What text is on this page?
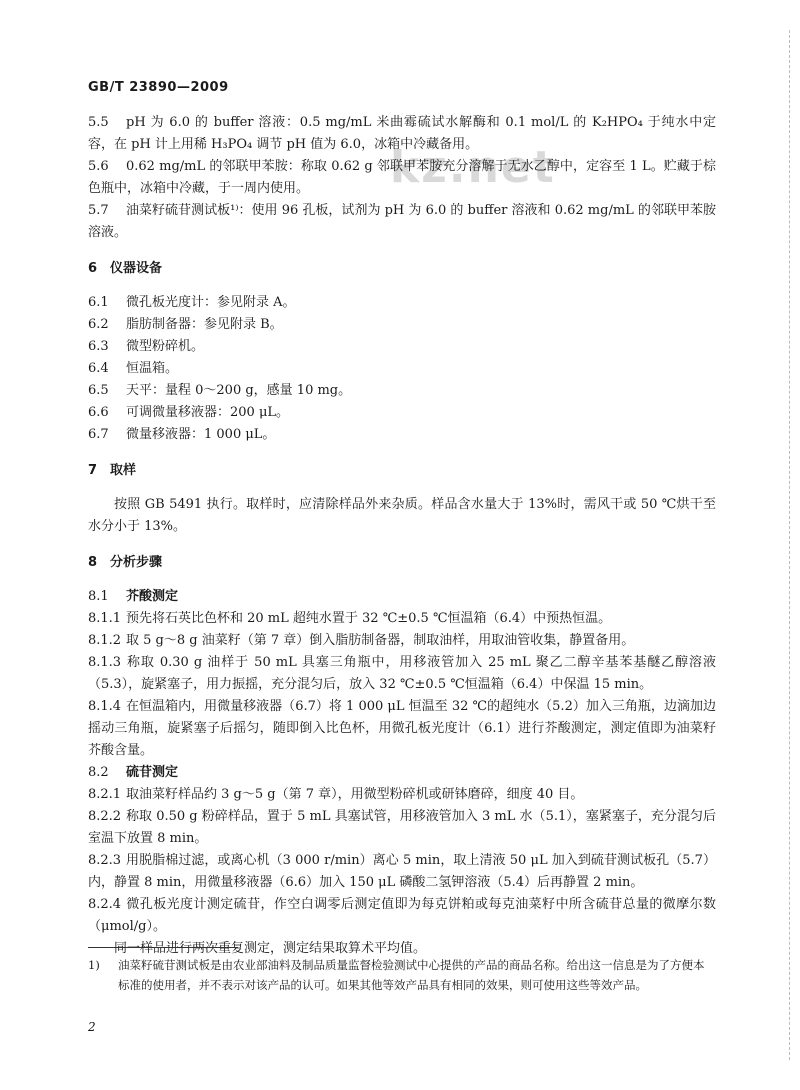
GB/T 23890—2009
kz.net

5.5 pH 为 6.0 的 buffer 溶液：0.5 mg/mL 米曲霉硫试水解酶和 0.1 mol/L 的 K₂HPO₄ 于纯水中定容，在 pH 计上用稀 H₃PO₄ 调节 pH 值为 6.0，冰箱中冷藏备用。

5.6 0.62 mg/mL 的邻联甲苯胺：称取 0.62 g 邻联甲苯胺充分溶解于无水乙醇中，定容至 1 L。贮藏于棕色瓶中，冰箱中冷藏，于一周内使用。

5.7 油菜籽硫苷测试板¹⁾：使用 96 孔板，试剂为 pH 为 6.0 的 buffer 溶液和 0.62 mg/mL 的邻联甲苯胺溶液。

6　仪器设备

6.1 微孔板光度计：参见附录 A。

6.2 脂肪制备器：参见附录 B。

6.3 微型粉碎机。

6.4 恒温箱。

6.5 天平：量程 0～200 g，感量 10 mg。

6.6 可调微量移液器：200 μL。

6.7 微量移液器：1 000 μL。

7　取样

按照 GB 5491 执行。取样时，应清除样品外来杂质。样品含水量大于 13%时，需风干或 50 ℃烘干至水分小于 13%。

8　分析步骤

8.1 芥酸测定

8.1.1 预先将石英比色杯和 20 mL 超纯水置于 32 ℃±0.5 ℃恒温箱（6.4）中预热恒温。

8.1.2 取 5 g～8 g 油菜籽（第 7 章）倒入脂肪制备器，制取油样，用取油管收集，静置备用。

8.1.3 称取 0.30 g 油样于 50 mL 具塞三角瓶中，用移液管加入 25 mL 聚乙二醇辛基苯基醚乙醇溶液（5.3），旋紧塞子，用力振摇，充分混匀后，放入 32 ℃±0.5 ℃恒温箱（6.4）中保温 15 min。

8.1.4 在恒温箱内，用微量移液器（6.7）将 1 000 μL 恒温至 32 ℃的超纯水（5.2）加入三角瓶，边滴加边摇动三角瓶，旋紧塞子后摇匀，随即倒入比色杯，用微孔板光度计（6.1）进行芥酸测定，测定值即为油菜籽芥酸含量。

8.2 硫苷测定

8.2.1 取油菜籽样品约 3 g～5 g（第 7 章），用微型粉碎机或研钵磨碎，细度 40 目。

8.2.2 称取 0.50 g 粉碎样品，置于 5 mL 具塞试管，用移液管加入 3 mL 水（5.1），塞紧塞子，充分混匀后室温下放置 8 min。

8.2.3 用脱脂棉过滤，或离心机（3 000 r/min）离心 5 min，取上清液 50 μL 加入到硫苷测试板孔（5.7）内，静置 8 min，用微量移液器（6.6）加入 150 μL 磷酸二氢钾溶液（5.4）后再静置 2 min。

8.2.4 微孔板光度计测定硫苷，作空白调零后测定值即为每克饼粕或每克油菜籽中所含硫苷总量的微摩尔数（μmol/g）。

同一样品进行两次重复测定，测定结果取算术平均值。

1) 油菜籽硫苷测试板是由农业部油料及制品质量监督检验测试中心提供的产品的商品名称。给出这一信息是为了方便本标准的使用者，并不表示对该产品的认可。如果其他等效产品具有相同的效果，则可使用这些等效产品。
2
